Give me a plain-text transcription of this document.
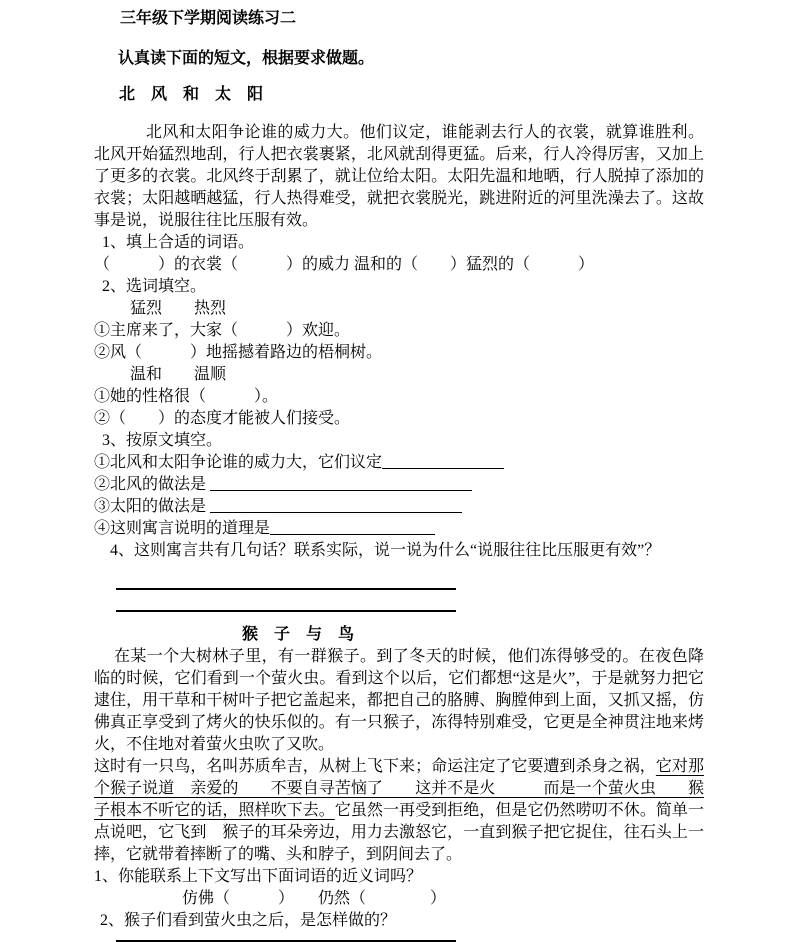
三年级下学期阅读练习二
认真读下面的短文，根据要求做题。
北　风　和　太　阳

北风和太阳争论谁的威力大。他们议定，谁能剥去行人的衣裳，就算谁胜利。北风开始猛烈地刮，行人把衣裳裹紧，北风就刮得更猛。后来，行人冷得厉害，又加上了更多的衣裳。北风终于刮累了，就让位给太阳。太阳先温和地晒，行人脱掉了添加的衣裳；太阳越晒越猛，行人热得难受，就把衣裳脱光，跳进附近的河里洗澡去了。这故事是说，说服往往比压服有效。

1、填上合适的词语。
（　　　）的衣裳（　　　）的威力 温和的（　　）猛烈的（　　　）
2、选词填空。
猛烈　　热烈
①主席来了，大家（　　　）欢迎。
②风（　　　）地摇撼着路边的梧桐树。
温和　　温顺
①她的性格很（　　　）。
②（　　）的态度才能被人们接受。
3、按原文填空。
①北风和太阳争论谁的威力大，它们议定
②北风的做法是
③太阳的做法是
④这则寓言说明的道理是
4、这则寓言共有几句话？联系实际，说一说为什么“说服往往比压服更有效”？
猴　子　与　鸟

在某一个大树林子里，有一群猴子。到了冬天的时候，他们冻得够受的。在夜色降临的时候，它们看到一个萤火虫。看到这个以后，它们都想“这是火”，于是就努力把它逮住，用干草和干树叶子把它盖起来，都把自己的胳膊、胸膛伸到上面，又抓又摇，仿佛真正享受到了烤火的快乐似的。有一只猴子，冻得特别难受，它更是全神贯注地来烤火，不住地对着萤火虫吹了又吹。

这时有一只鸟，名叫苏质牟吉，从树上飞下来；命运注定了它要遭到杀身之祸，它对那个猴子说道　亲爱的　　不要自寻苦恼了　　这并不是火　　　而是一个萤火虫　　猴子根本不听它的话，照样吹下去。它虽然一再受到拒绝，但是它仍然唠叨不休。简单一点说吧，它飞到　猴子的耳朵旁边，用力去激怒它，一直到猴子把它捉住，往石头上一摔，它就带着摔断了的嘴、头和脖子，到阴间去了。

1、你能联系上下文写出下面词语的近义词吗？
仿佛（　　　）　　仍然（　　　　）
2、猴子们看到萤火虫之后，是怎样做的？
